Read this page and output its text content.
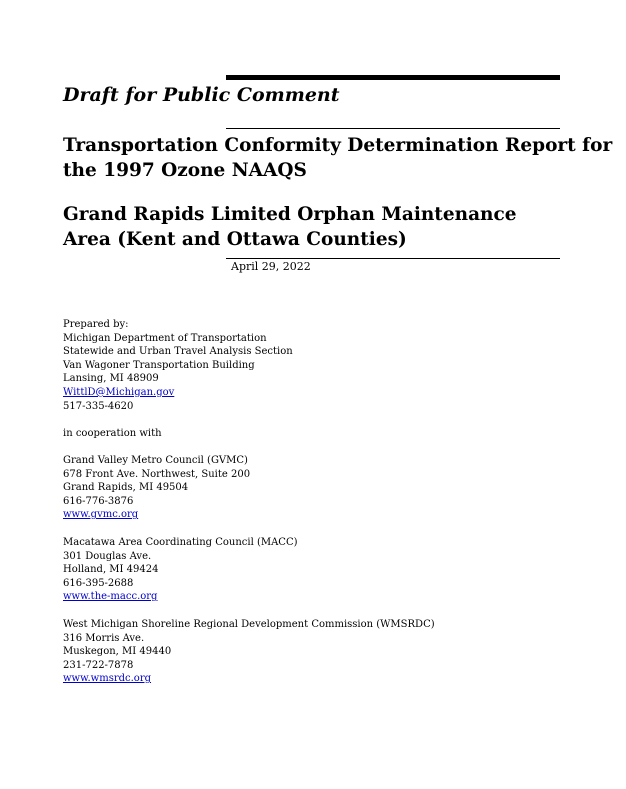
Draft for Public Comment
Transportation Conformity Determination Report for
the 1997 Ozone NAAQS
Grand Rapids Limited Orphan Maintenance
Area (Kent and Ottawa Counties)
April 29, 2022
Prepared by:
Michigan Department of Transportation
Statewide and Urban Travel Analysis Section
Van Wagoner Transportation Building
Lansing, MI 48909
WittlD@Michigan.gov
517-335-4620
in cooperation with
Grand Valley Metro Council (GVMC)
678 Front Ave. Northwest, Suite 200
Grand Rapids, MI 49504
616-776-3876
www.gvmc.org
Macatawa Area Coordinating Council (MACC)
301 Douglas Ave.
Holland, MI 49424
616-395-2688
www.the-macc.org
West Michigan Shoreline Regional Development Commission (WMSRDC)
316 Morris Ave.
Muskegon, MI 49440
231-722-7878
www.wmsrdc.org
